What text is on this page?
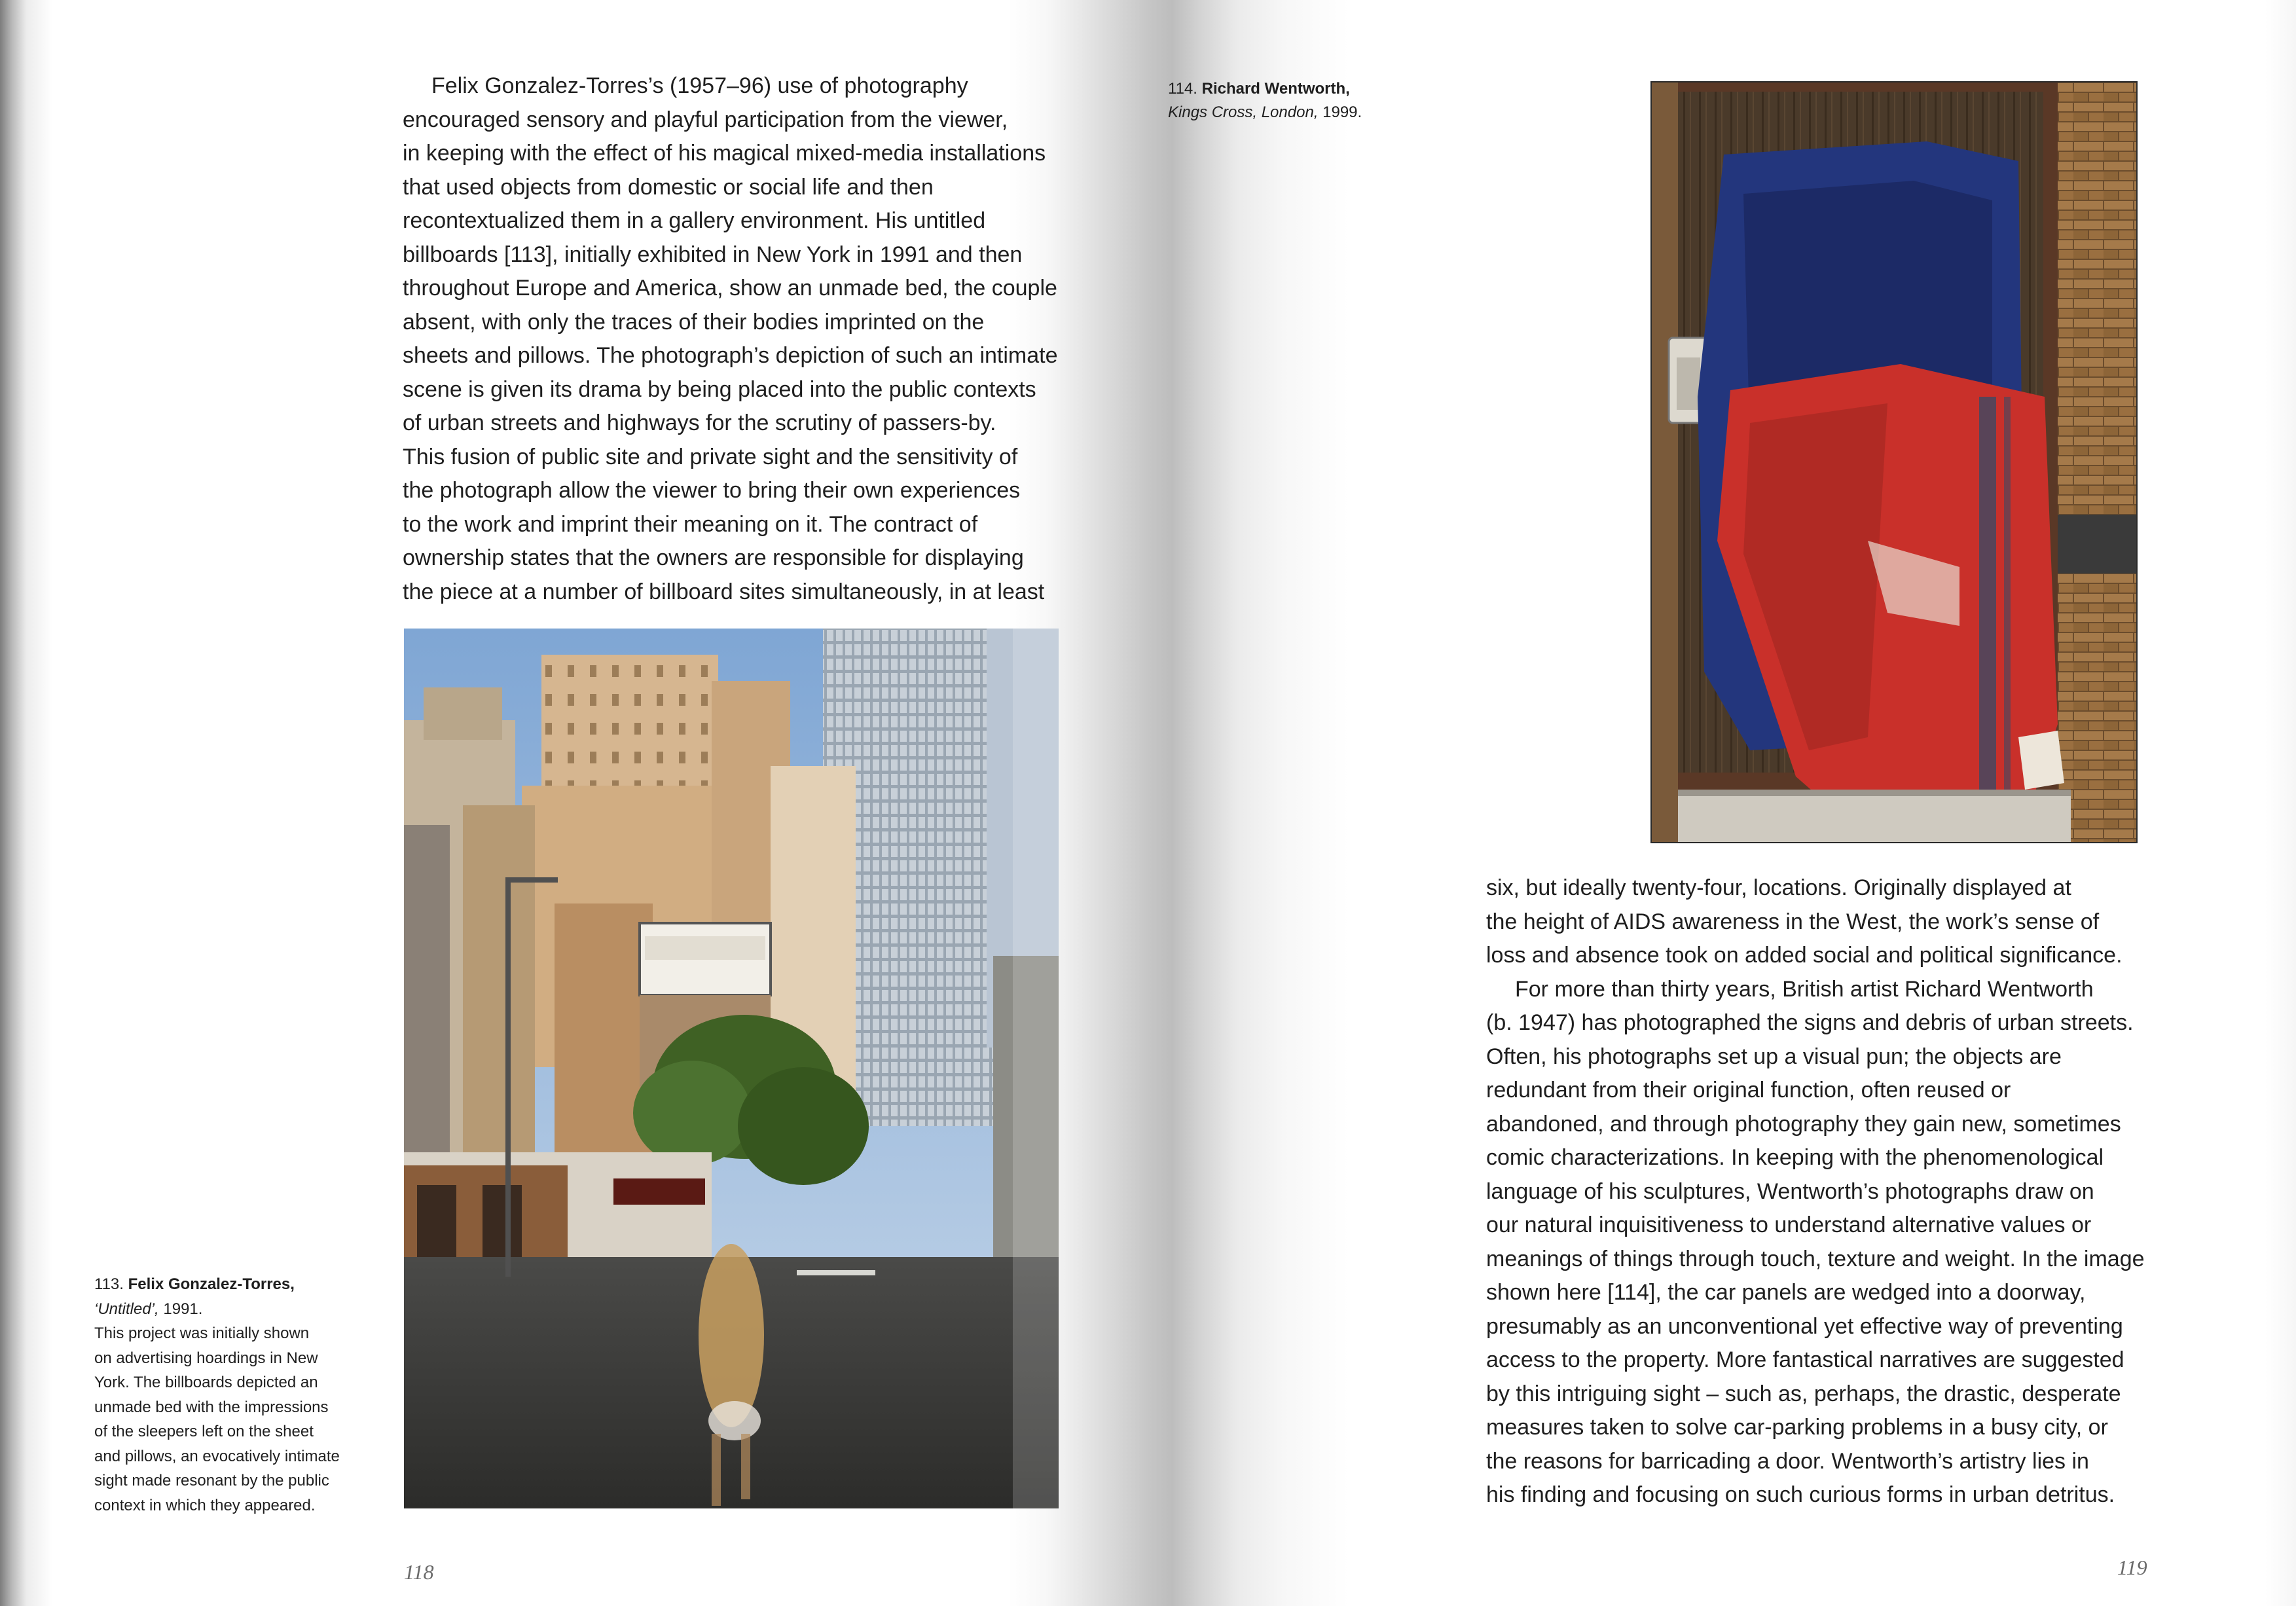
Felix Gonzalez-Torres’s (1957–96) use of photography
encouraged sensory and playful participation from the viewer,
in keeping with the effect of his magical mixed-media installations
that used objects from domestic or social life and then
recontextualized them in a gallery environment. His untitled
billboards [113], initially exhibited in New York in 1991 and then
throughout Europe and America, show an unmade bed, the couple
absent, with only the traces of their bodies imprinted on the
sheets and pillows. The photograph’s depiction of such an intimate
scene is given its drama by being placed into the public contexts
of urban streets and highways for the scrutiny of passers-by.
This fusion of public site and private sight and the sensitivity of
the photograph allow the viewer to bring their own experiences
to the work and imprint their meaning on it. The contract of
ownership states that the owners are responsible for displaying
the piece at a number of billboard sites simultaneously, in at least

113. Felix Gonzalez-Torres,
‘Untitled’, 1991.
This project was initially shown
on advertising hoardings in New
York. The billboards depicted an
unmade bed with the impressions
of the sleepers left on the sheet
and pillows, an evocatively intimate
sight made resonant by the public
context in which they appeared.
118
114. Richard Wentworth,
Kings Cross, London, 1999.

six, but ideally twenty-four, locations. Originally displayed at
the height of AIDS awareness in the West, the work’s sense of
loss and absence took on added social and political significance.

For more than thirty years, British artist Richard Wentworth
(b. 1947) has photographed the signs and debris of urban streets.
Often, his photographs set up a visual pun; the objects are
redundant from their original function, often reused or
abandoned, and through photography they gain new, sometimes
comic characterizations. In keeping with the phenomenological
language of his sculptures, Wentworth’s photographs draw on
our natural inquisitiveness to understand alternative values or
meanings of things through touch, texture and weight. In the image
shown here [114], the car panels are wedged into a doorway,
presumably as an unconventional yet effective way of preventing
access to the property. More fantastical narratives are suggested
by this intriguing sight – such as, perhaps, the drastic, desperate
measures taken to solve car-parking problems in a busy city, or
the reasons for barricading a door. Wentworth’s artistry lies in
his finding and focusing on such curious forms in urban detritus.

119
